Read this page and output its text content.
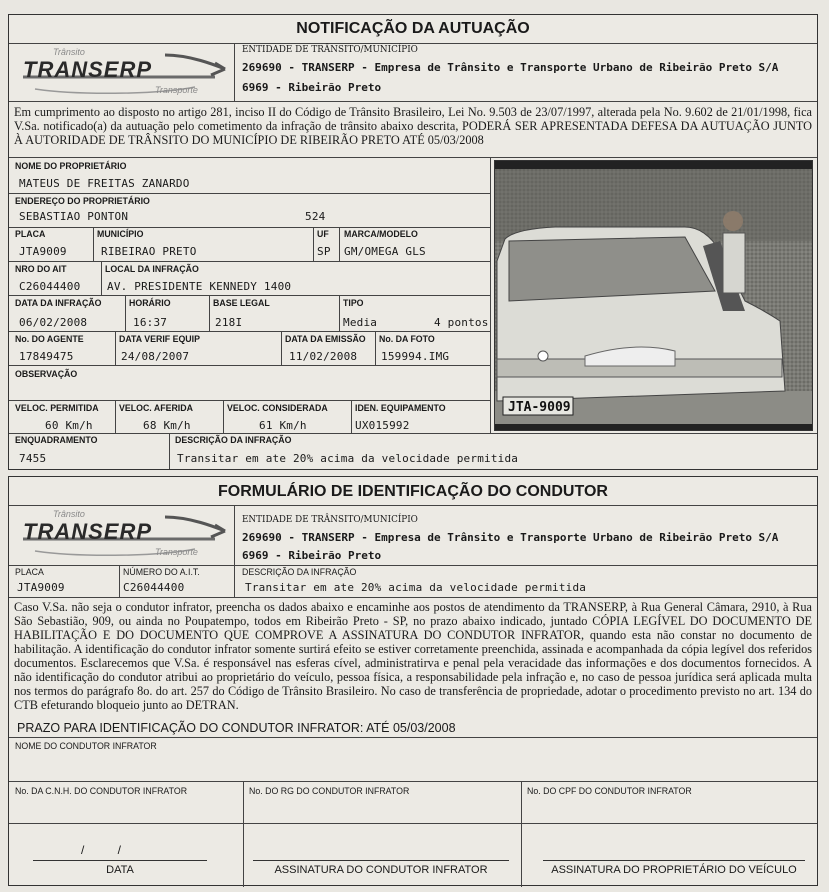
NOTIFICAÇÃO DA AUTUAÇÃO
Trânsito
TRANSERP
Transporte
ENTIDADE DE TRÂNSITO/MUNICÍPIO
269690 - TRANSERP - Empresa de Trânsito e Transporte Urbano de Ribeirão Preto S/A
6969 - Ribeirão Preto
Em cumprimento ao disposto no artigo 281, inciso II do Código de Trânsito Brasileiro, Lei No. 9.503 de 23/07/1997, alterada pela No. 9.602 de 21/01/1998, fica V.Sa. notificado(a) da autuação pelo cometimento da infração de trânsito abaixo descrita, PODERÁ SER APRESENTADA DEFESA DA AUTUAÇÃO JUNTO À AUTORIDADE DE TRÂNSITO DO MUNICÍPIO DE RIBEIRÃO PRETO ATÉ 05/03/2008
NOME DO PROPRIETÁRIO
MATEUS DE FREITAS ZANARDO
ENDEREÇO DO PROPRIETÁRIO
SEBASTIAO PONTON	524
PLACA
JTA9009
MUNICÍPIO
RIBEIRAO PRETO
UF
SP
MARCA/MODELO
GM/OMEGA GLS
NRO DO AIT
C26044400
LOCAL DA INFRAÇÃO
AV. PRESIDENTE KENNEDY 1400
DATA DA INFRAÇÃO
06/02/2008
HORÁRIO
16:37
BASE LEGAL
218I
TIPO
Media	4 pontos
No. DO AGENTE
17849475
DATA VERIF EQUIP
24/08/2007
DATA DA EMISSÃO
11/02/2008
No. DA FOTO
159994.IMG
OBSERVAÇÃO
VELOC. PERMITIDA
60 Km/h
VELOC. AFERIDA
68 Km/h
VELOC. CONSIDERADA
61 Km/h
IDEN. EQUIPAMENTO
UX015992
ENQUADRAMENTO
7455
DESCRIÇÃO DA INFRAÇÃO
Transitar em ate 20% acima da velocidade permitida
JTA-9009
FORMULÁRIO DE IDENTIFICAÇÃO DO CONDUTOR
Trânsito
TRANSERP
Transporte
ENTIDADE DE TRÂNSITO/MUNICÍPIO
269690 - TRANSERP - Empresa de Trânsito e Transporte Urbano de Ribeirão Preto S/A
6969 - Ribeirão Preto
PLACA
JTA9009
NÚMERO DO A.I.T.
C26044400
DESCRIÇÃO DA INFRAÇÃO
Transitar em ate 20% acima da velocidade permitida
Caso V.Sa. não seja o condutor infrator, preencha os dados abaixo e encaminhe aos postos de atendimento da TRANSERP, à Rua General Câmara, 2910, à Rua São Sebastião, 909, ou ainda no Poupatempo, todos em Ribeirão Preto - SP, no prazo abaixo indicado, juntado CÓPIA LEGÍVEL DO DOCUMENTO DE HABILITAÇÃO E DO DOCUMENTO QUE COMPROVE A ASSINATURA DO CONDUTOR INFRATOR, quando esta não constar no documento de habilitação. A identificação do condutor infrator somente surtirá efeito se estiver corretamente preenchida, assinada e acompanhada da cópia legível dos referidos documentos. Esclarecemos que V.Sa. é responsável nas esferas cível, administratirva e penal pela veracidade das informações e dos documentos fornecidos. A não identificação do condutor atribui ao proprietário do veículo, pessoa física, a responsabilidade pela infração e, no caso de pessoa jurídica será aplicada multa nos termos do parágrafo 8o. do art. 257 do Código de Trânsito Brasileiro. No caso de transferência de propriedade, adotar o procedimento previsto no art. 134 do CTB efeturando bloqueio junto ao DETRAN.
PRAZO PARA IDENTIFICAÇÃO DO CONDUTOR INFRATOR: ATÉ 05/03/2008
NOME DO CONDUTOR INFRATOR
No. DA C.N.H. DO CONDUTOR INFRATOR	No. DO RG DO CONDUTOR INFRATOR	No. DO CPF DO CONDUTOR INFRATOR
/          /
DATA	ASSINATURA DO CONDUTOR INFRATOR	ASSINATURA DO PROPRIETÁRIO DO VEÍCULO
